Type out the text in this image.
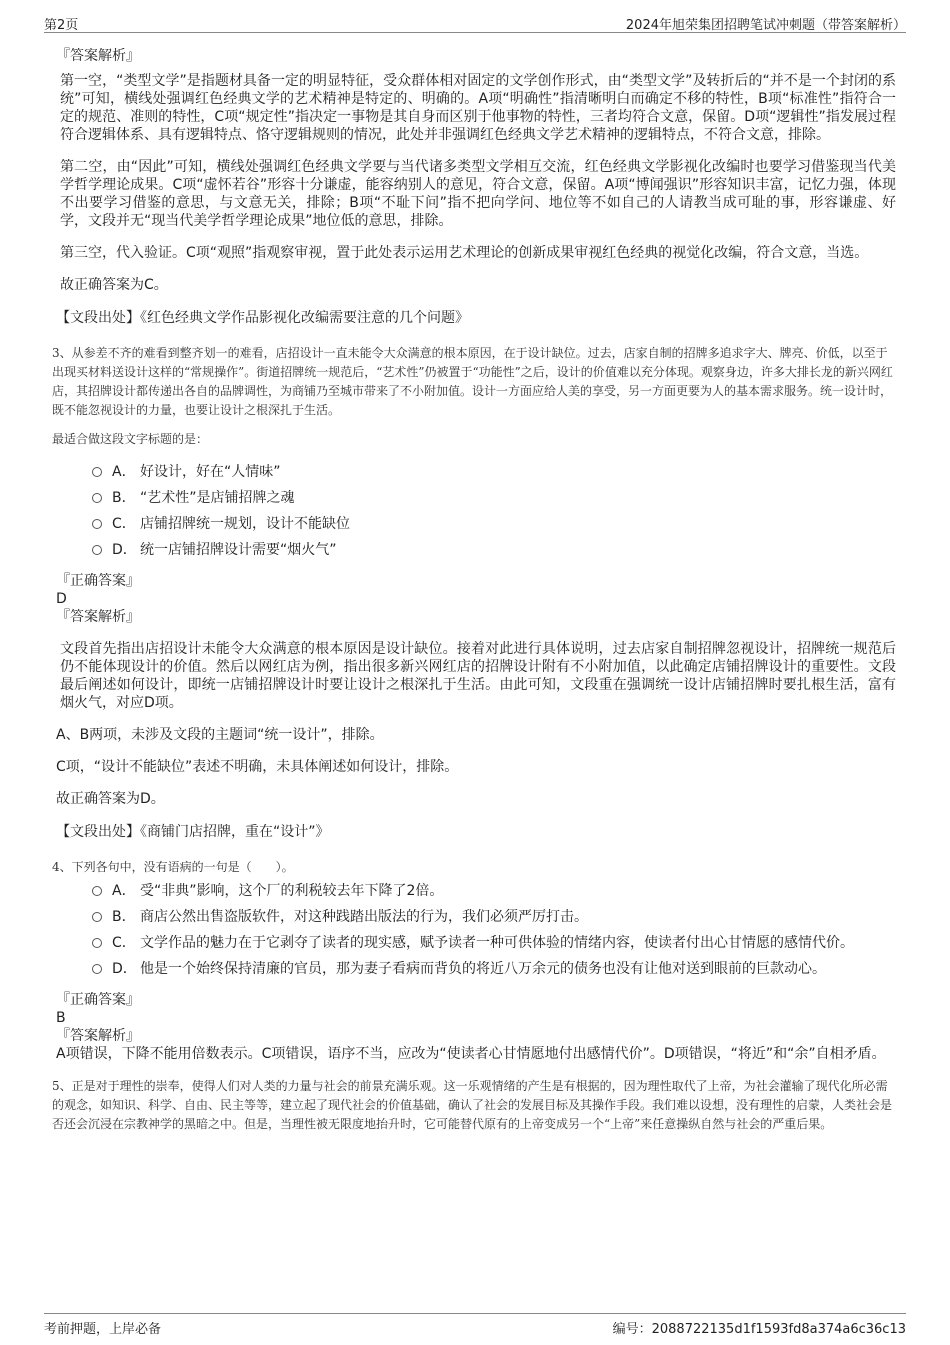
第2页	2024年旭荣集团招聘笔试冲刺题（带答案解析）
『答案解析』

第一空，“类型文学”是指题材具备一定的明显特征，受众群体相对固定的文学创作形式，由“类型文学”及转折后的“并不是一个封闭的系统”可知，横线处强调红色经典文学的艺术精神是特定的、明确的。A项“明确性”指清晰明白而确定不移的特性，B项“标准性”指符合一定的规范、准则的特性，C项“规定性”指决定一事物是其自身而区别于他事物的特性，三者均符合文意，保留。D项“逻辑性”指发展过程符合逻辑体系、具有逻辑特点、恪守逻辑规则的情况，此处并非强调红色经典文学艺术精神的逻辑特点，不符合文意，排除。

第二空，由“因此”可知，横线处强调红色经典文学要与当代诸多类型文学相互交流，红色经典文学影视化改编时也要学习借鉴现当代美学哲学理论成果。C项“虚怀若谷”形容十分谦虚，能容纳别人的意见，符合文意，保留。A项“博闻强识”形容知识丰富，记忆力强，体现不出要学习借鉴的意思，与文意无关，排除；B项“不耻下问”指不把向学问、地位等不如自己的人请教当成可耻的事，形容谦虚、好学，文段并无“现当代美学哲学理论成果”地位低的意思，排除。

第三空，代入验证。C项“观照”指观察审视，置于此处表示运用艺术理论的创新成果审视红色经典的视觉化改编，符合文意，当选。

故正确答案为C。

【文段出处】《红色经典文学作品影视化改编需要注意的几个问题》
3、从参差不齐的难看到整齐划一的难看，店招设计一直未能令大众满意的根本原因，在于设计缺位。过去，店家自制的招牌多追求字大、牌亮、价低，以至于出现买材料送设计这样的“常规操作”。街道招牌统一规范后，“艺术性”仍被置于“功能性”之后，设计的价值难以充分体现。观察身边，许多大排长龙的新兴网红店，其招牌设计都传递出各自的品牌调性，为商铺乃至城市带来了不小附加值。设计一方面应给人美的享受，另一方面更要为人的基本需求服务。统一设计时，既不能忽视设计的力量，也要让设计之根深扎于生活。
最适合做这段文字标题的是：
A． 好设计，好在“人情味”
B． “艺术性”是店铺招牌之魂
C． 店铺招牌统一规划，设计不能缺位
D． 统一店铺招牌设计需要“烟火气”
『正确答案』
D
『答案解析』

文段首先指出店招设计未能令大众满意的根本原因是设计缺位。接着对此进行具体说明，过去店家自制招牌忽视设计，招牌统一规范后仍不能体现设计的价值。然后以网红店为例，指出很多新兴网红店的招牌设计附有不小附加值，以此确定店铺招牌设计的重要性。文段最后阐述如何设计，即统一店铺招牌设计时要让设计之根深扎于生活。由此可知，文段重在强调统一设计店铺招牌时要扎根生活，富有烟火气，对应D项。

A、B两项，未涉及文段的主题词“统一设计”，排除。

C项，“设计不能缺位”表述不明确，未具体阐述如何设计，排除。

故正确答案为D。

【文段出处】《商铺门店招牌，重在“设计”》
4、下列各句中，没有语病的一句是（　　）。
A． 受“非典”影响，这个厂的利税较去年下降了2倍。
B． 商店公然出售盗版软件，对这种践踏出版法的行为，我们必须严厉打击。
C． 文学作品的魅力在于它剥夺了读者的现实感，赋予读者一种可供体验的情绪内容，使读者付出心甘情愿的感情代价。
D． 他是一个始终保持清廉的官员，那为妻子看病而背负的将近八万余元的债务也没有让他对送到眼前的巨款动心。
『正确答案』
B
『答案解析』

A项错误，下降不能用倍数表示。C项错误，语序不当，应改为“使读者心甘情愿地付出感情代价”。D项错误，“将近”和“余”自相矛盾。

5、正是对于理性的崇奉，使得人们对人类的力量与社会的前景充满乐观。这一乐观情绪的产生是有根据的，因为理性取代了上帝，为社会灌输了现代化所必需的观念，如知识、科学、自由、民主等等，建立起了现代社会的价值基础，确认了社会的发展目标及其操作手段。我们难以设想，没有理性的启蒙，人类社会是否还会沉浸在宗教神学的黑暗之中。但是，当理性被无限度地抬升时，它可能替代原有的上帝变成另一个“上帝”来任意操纵自然与社会的严重后果。
考前押题，上岸必备	编号：2088722135d1f1593fd8a374a6c36c13
